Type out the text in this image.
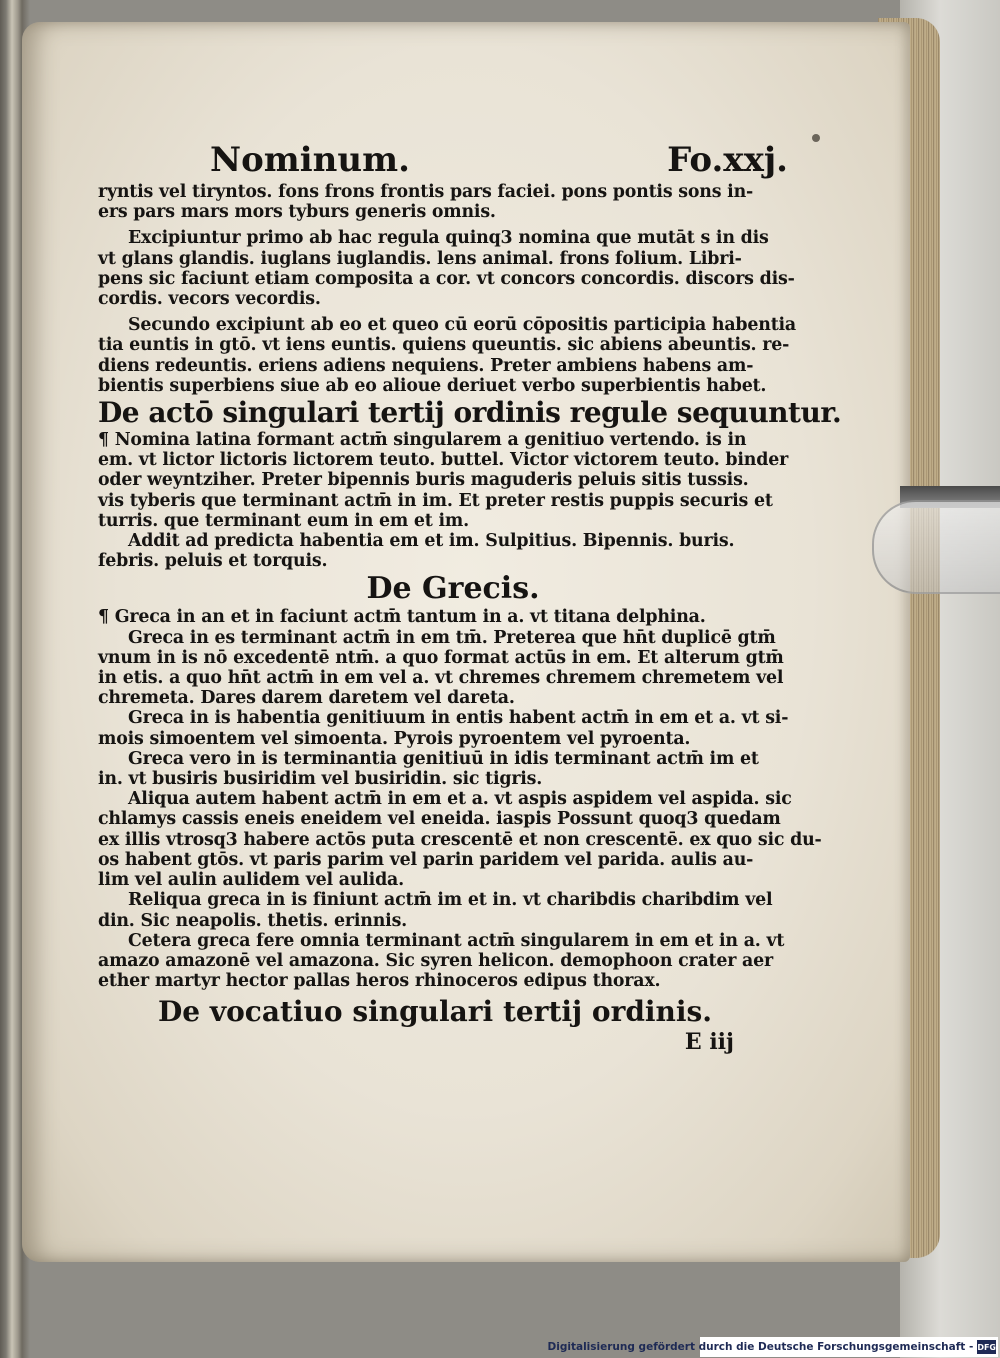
Nominum.	Fo.xxj.
ryntis vel tiryntos. fons frons frontis pars faciei. pons pontis sons in-
ers pars mars mors tyburs generis omnis.
Excipiuntur primo ab hac regula quinq3 nomina que mutāt s in dis
vt glans glandis. iuglans iuglandis. lens animal. frons folium. Libri-
pens sic faciunt etiam composita a cor. vt concors concordis. discors dis-
cordis. vecors vecordis.
Secundo excipiunt ab eo et queo cū eorū cōpositis participia habentia
tia euntis in gtō. vt iens euntis. quiens queuntis. sic abiens abeuntis. re-
diens redeuntis. eriens adiens nequiens. Preter ambiens habens am-
bientis superbiens siue ab eo alioue deriuet verbo superbientis habet.
De actō singulari tertij ordinis regule sequuntur.
¶ Nomina latina formant actm̄ singularem a genitiuo vertendo. is in
em. vt lictor lictoris lictorem teuto. buttel. Victor victorem teuto. binder
oder weyntziher. Preter bipennis buris maguderis peluis sitis tussis.
vis tyberis que terminant actm̄ in im. Et preter restis puppis securis et
turris. que terminant eum in em et im.
Addit ad predicta habentia em et im. Sulpitius. Bipennis. buris.
febris. peluis et torquis.
De Grecis.
¶ Greca in an et in faciunt actm̄ tantum in a. vt titana delphina.
Greca in es terminant actm̄ in em tm̄. Preterea que hn̄t duplicē gtm̄
vnum in is nō excedentē ntm̄. a quo format actūs in em. Et alterum gtm̄
in etis. a quo hn̄t actm̄ in em vel a. vt chremes chremem chremetem vel
chremeta. Dares darem daretem vel dareta.
Greca in is habentia genitiuum in entis habent actm̄ in em et a. vt si-
mois simoentem vel simoenta. Pyrois pyroentem vel pyroenta.
Greca vero in is terminantia genitiuū in idis terminant actm̄ im et
in. vt busiris busiridim vel busiridin. sic tigris.
Aliqua autem habent actm̄ in em et a. vt aspis aspidem vel aspida. sic
chlamys cassis eneis eneidem vel eneida. iaspis Possunt quoq3 quedam
ex illis vtrosq3 habere actōs puta crescentē et non crescentē. ex quo sic du-
os habent gtōs. vt paris parim vel parin paridem vel parida. aulis au-
lim vel aulin aulidem vel aulida.
Reliqua greca in is finiunt actm̄ im et in. vt charibdis charibdim vel
din. Sic neapolis. thetis. erinnis.
Cetera greca fere omnia terminant actm̄ singularem in em et in a. vt
amazo amazonē vel amazona. Sic syren helicon. demophoon crater aer
ether martyr hector pallas heros rhinoceros edipus thorax.
De vocatiuo singulari tertij ordinis.
E iij
Digitalisierung gefördert durch die Deutsche Forschungsgemeinschaft - DFG
